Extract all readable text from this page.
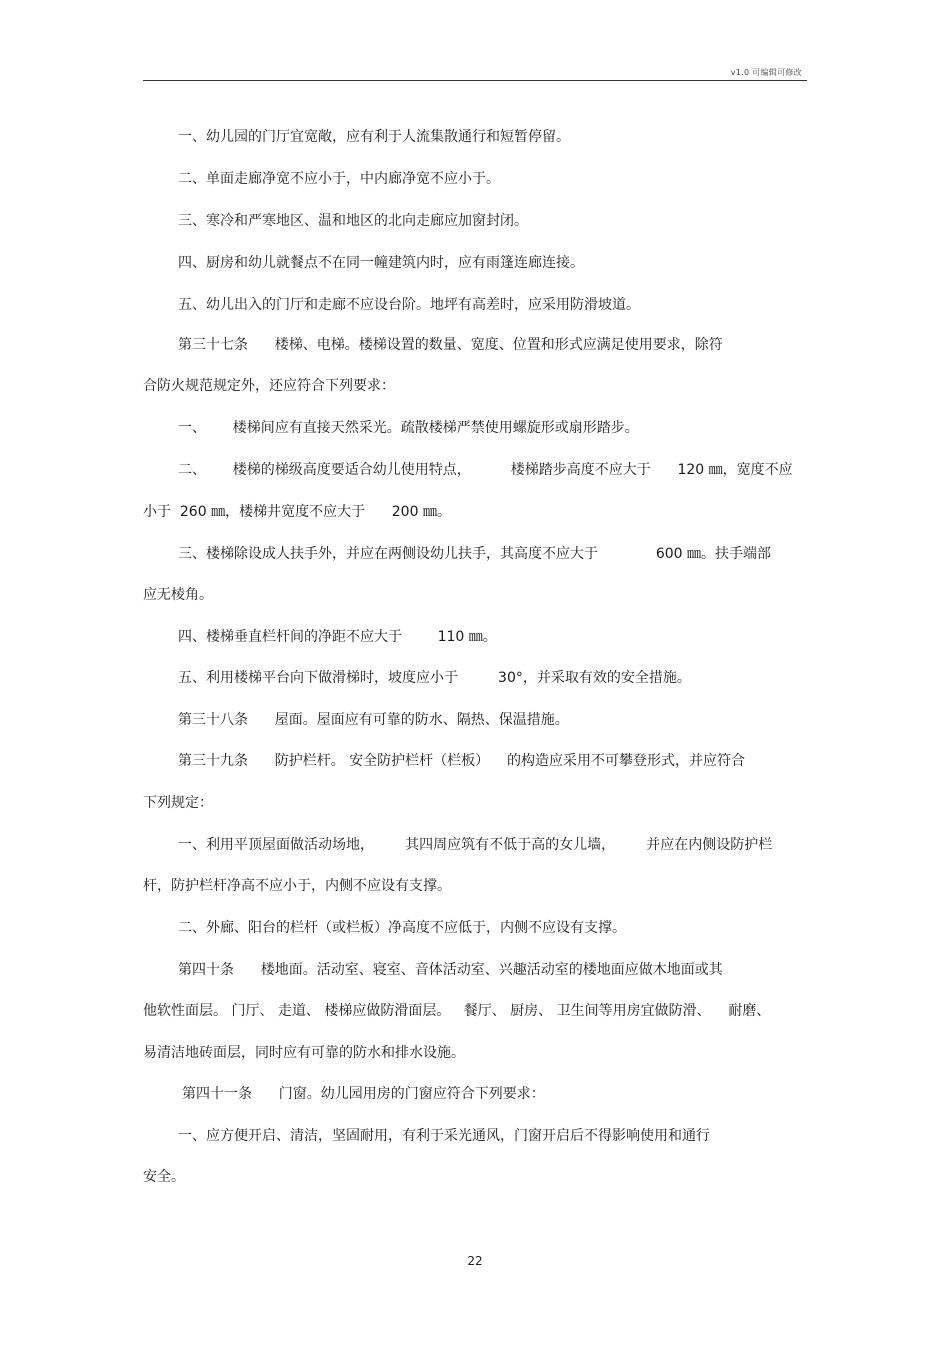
v1.0 可编辑可修改
一、幼儿园的门厅宜宽敞，应有利于人流集散通行和短暂停留。
二、单面走廊净宽不应小于，中内廊净宽不应小于。
三、寒冷和严寒地区、温和地区的北向走廊应加窗封闭。
四、厨房和幼儿就餐点不在同一幢建筑内时，应有雨篷连廊连接。
五、幼儿出入的门厅和走廊不应设台阶。地坪有高差时，应采用防滑坡道。
第三十七条      楼梯、电梯。楼梯设置的数量、宽度、位置和形式应满足使用要求，除符
合防火规范规定外，还应符合下列要求：
一、      楼梯间应有直接天然采光。疏散楼梯严禁使用螺旋形或扇形踏步。
二、      楼梯的梯级高度要适合幼儿使用特点，         楼梯踏步高度不应大于      120 ㎜，宽度不应
小于  260 ㎜，楼梯井宽度不应大于      200 ㎜。
三、楼梯除设成人扶手外，并应在两侧设幼儿扶手，其高度不应大于             600 ㎜。扶手端部
应无棱角。
四、楼梯垂直栏杆间的净距不应大于        110 ㎜。
五、利用楼梯平台向下做滑梯时，坡度应小于         30°，并采取有效的安全措施。
第三十八条      屋面。屋面应有可靠的防水、隔热、保温措施。
第三十九条      防护栏杆。 安全防护栏杆（栏板）    的构造应采用不可攀登形式，并应符合
下列规定：
一、利用平顶屋面做活动场地，       其四周应筑有不低于高的女儿墙，       并应在内侧设防护栏
杆，防护栏杆净高不应小于，内侧不应设有支撑。
二、外廊、阳台的栏杆（或栏板）净高度不应低于，内侧不应设有支撑。
第四十条      楼地面。活动室、寝室、音体活动室、兴趣活动室的楼地面应做木地面或其
他软性面层。 门厅、 走道、 楼梯应做防滑面层。   餐厅、 厨房、 卫生间等用房宜做防滑、    耐磨、
易清洁地砖面层，同时应有可靠的防水和排水设施。
第四十一条      门窗。幼儿园用房的门窗应符合下列要求：
一、应方便开启、清洁，坚固耐用，有利于采光通风，门窗开启后不得影响使用和通行
安全。
22
